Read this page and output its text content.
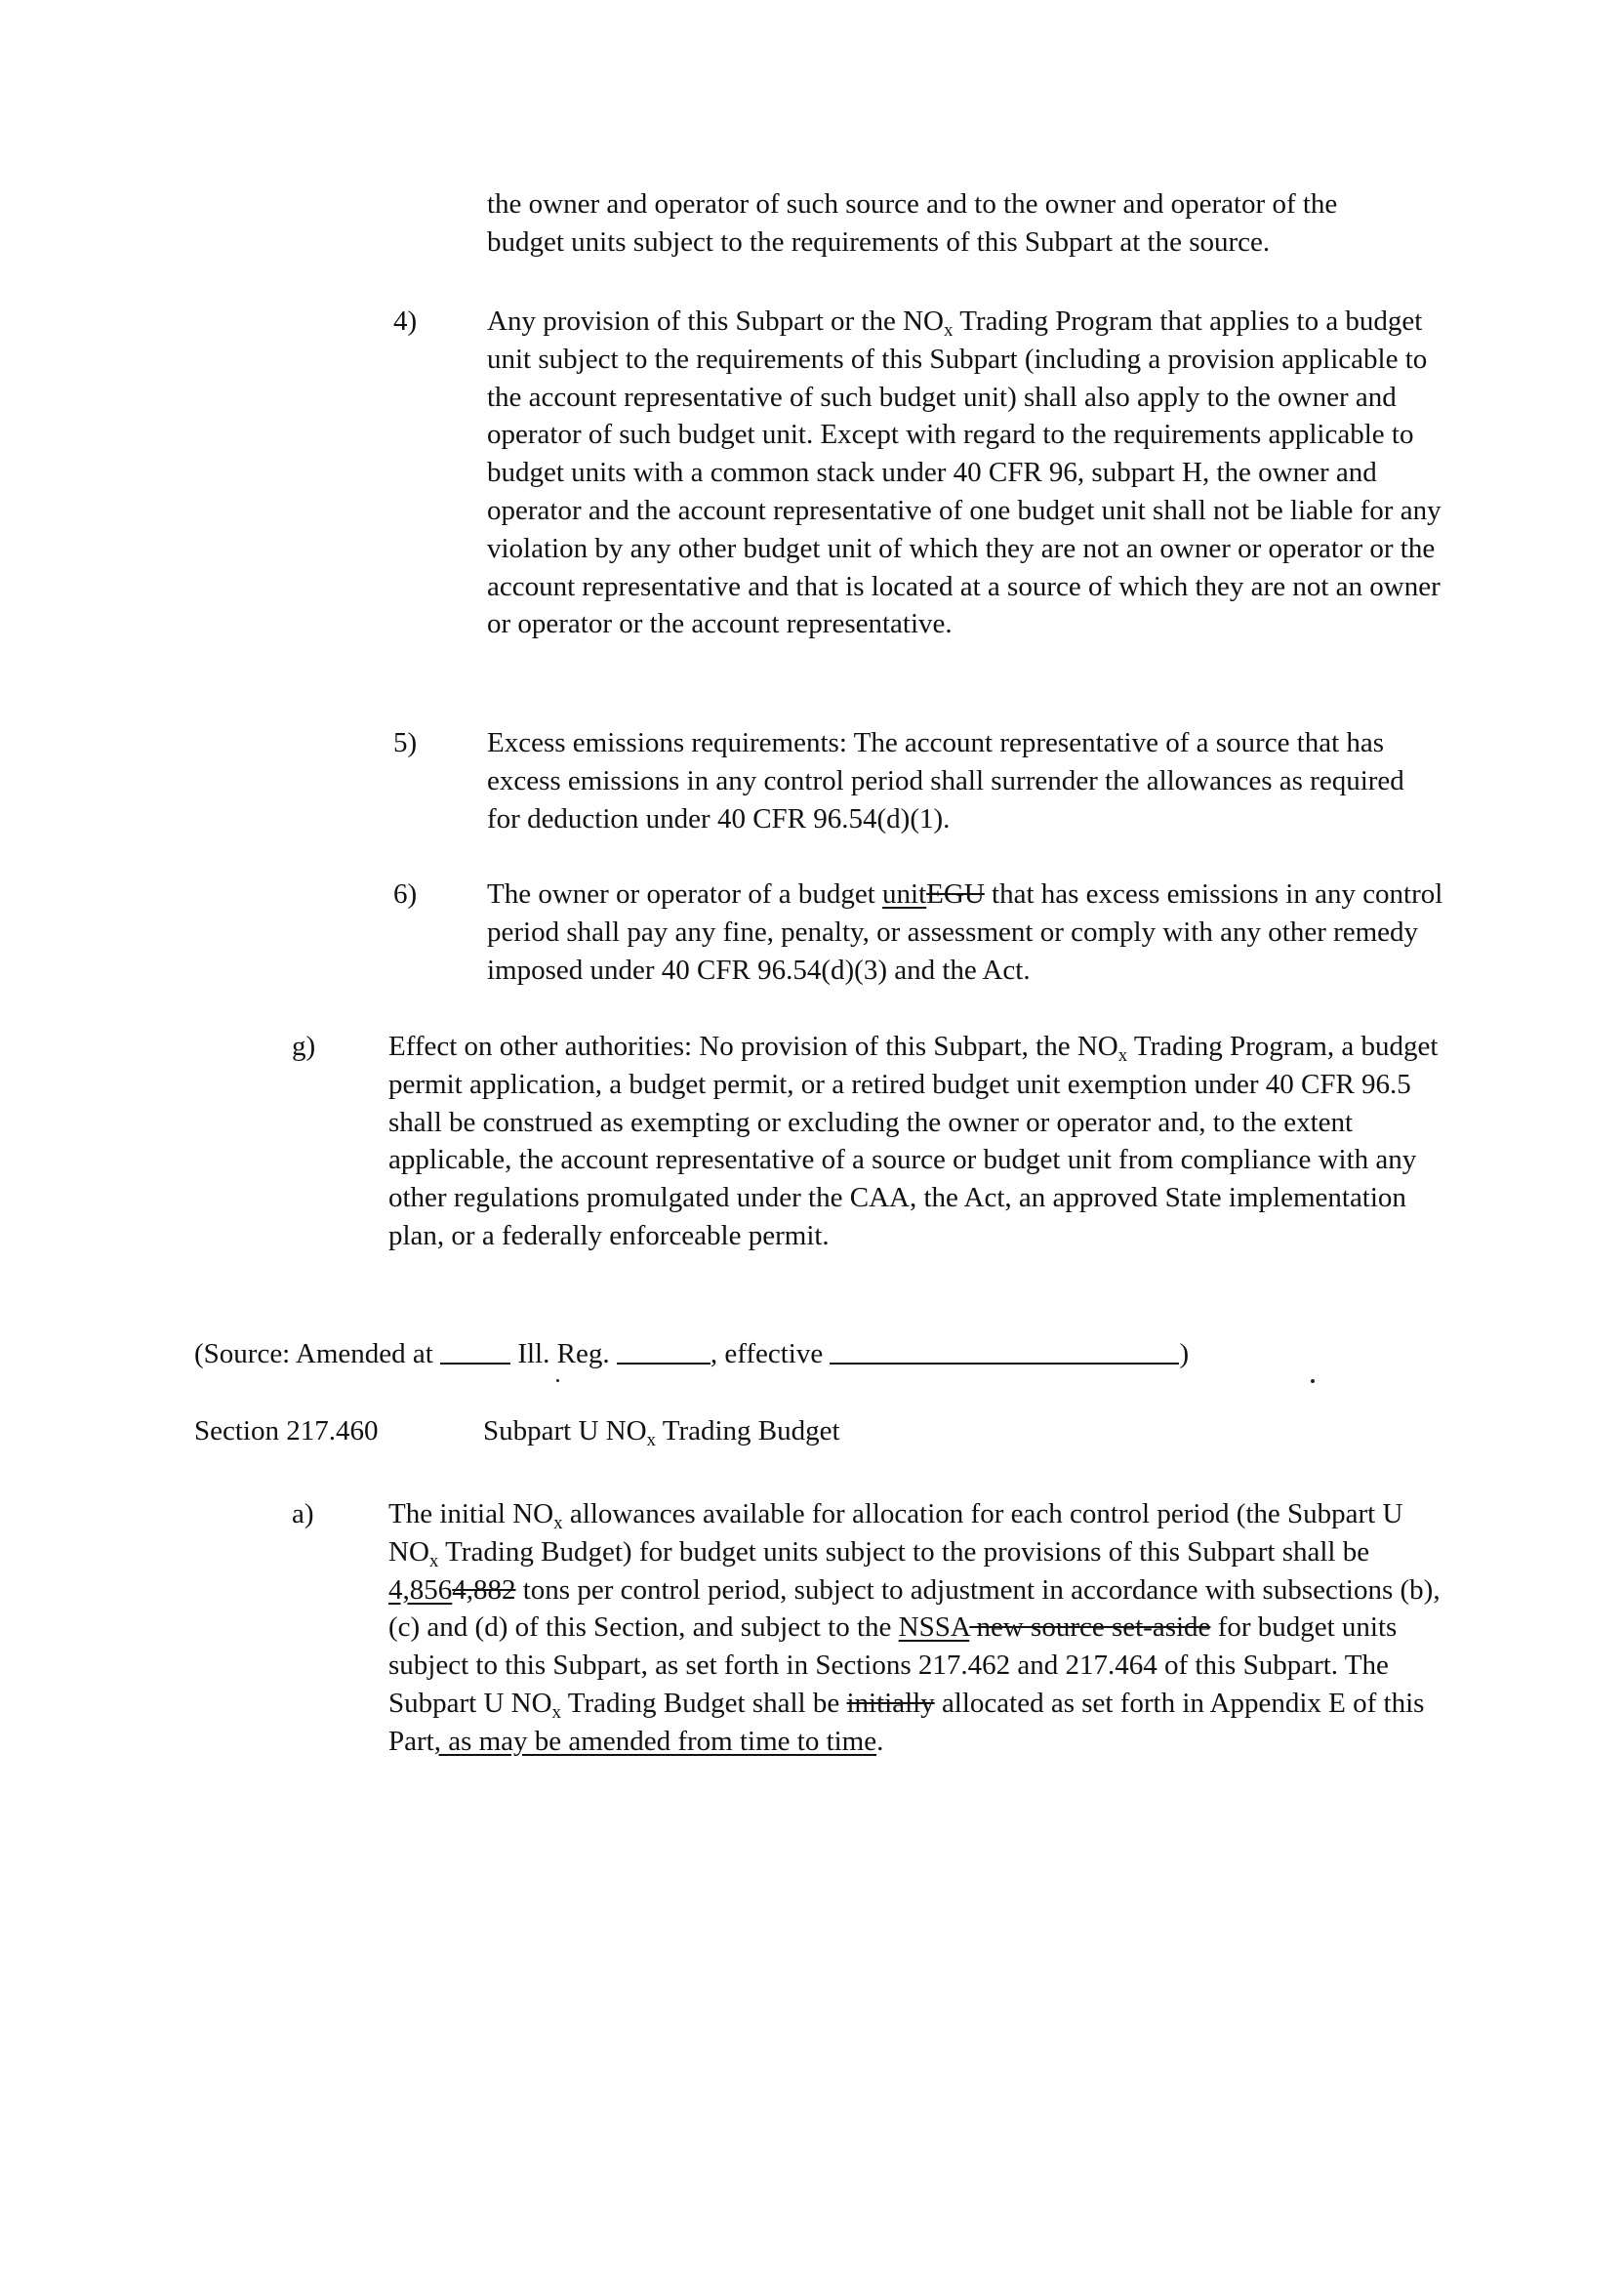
the owner and operator of such source and to the owner and operator of the
budget units subject to the requirements of this Subpart at the source.

4) Any provision of this Subpart or the $NO_x$ Trading Program that applies to a budget unit subject to the requirements of this Subpart (including a provision applicable to the account representative of such budget unit) shall also apply to the owner and operator of such budget unit. Except with regard to the requirements applicable to budget units with a common stack under 40 CFR 96, subpart H, the owner and operator and the account representative of one budget unit shall not be liable for any violation by any other budget unit of which they are not an owner or operator or the account representative and that is located at a source of which they are not an owner or operator or the account representative.

5) Excess emissions requirements: The account representative of a source that has excess emissions in any control period shall surrender the allowances as required for deduction under 40 CFR 96.54(d)(1).

6) The owner or operator of a budget unitEGU that has excess emissions in any control period shall pay any fine, penalty, or assessment or comply with any other remedy imposed under 40 CFR 96.54(d)(3) and the Act.

g)	Effect on other authorities: No provision of this Subpart, the $NO_x$ Trading Program, a budget permit application, a budget permit, or a retired budget unit exemption under 40 CFR 96.5 shall be construed as exempting or excluding the owner or operator and, to the extent applicable, the account representative of a source or budget unit from compliance with any other regulations promulgated under the CAA, the Act, an approved State implementation plan, or a federally enforceable permit.

(Source: Amended at  Ill. Reg.	, effective	)

Section 217.460	Subpart U $NO_x$ Trading Budget

a)	The initial $NO_x$ allowances available for allocation for each control period (the Subpart U $NO_x$ Trading Budget) for budget units subject to the provisions of this Subpart shall be 4,8564,882 tons per control period, subject to adjustment in accordance with subsections (b), (c) and (d) of this Section, and subject to the NSSA new source set-aside for budget units subject to this Subpart, as set forth in Sections 217.462 and 217.464 of this Subpart. The Subpart U $NO_x$ Trading Budget shall be initially allocated as set forth in Appendix E of this Part, as may be amended from time to time.
